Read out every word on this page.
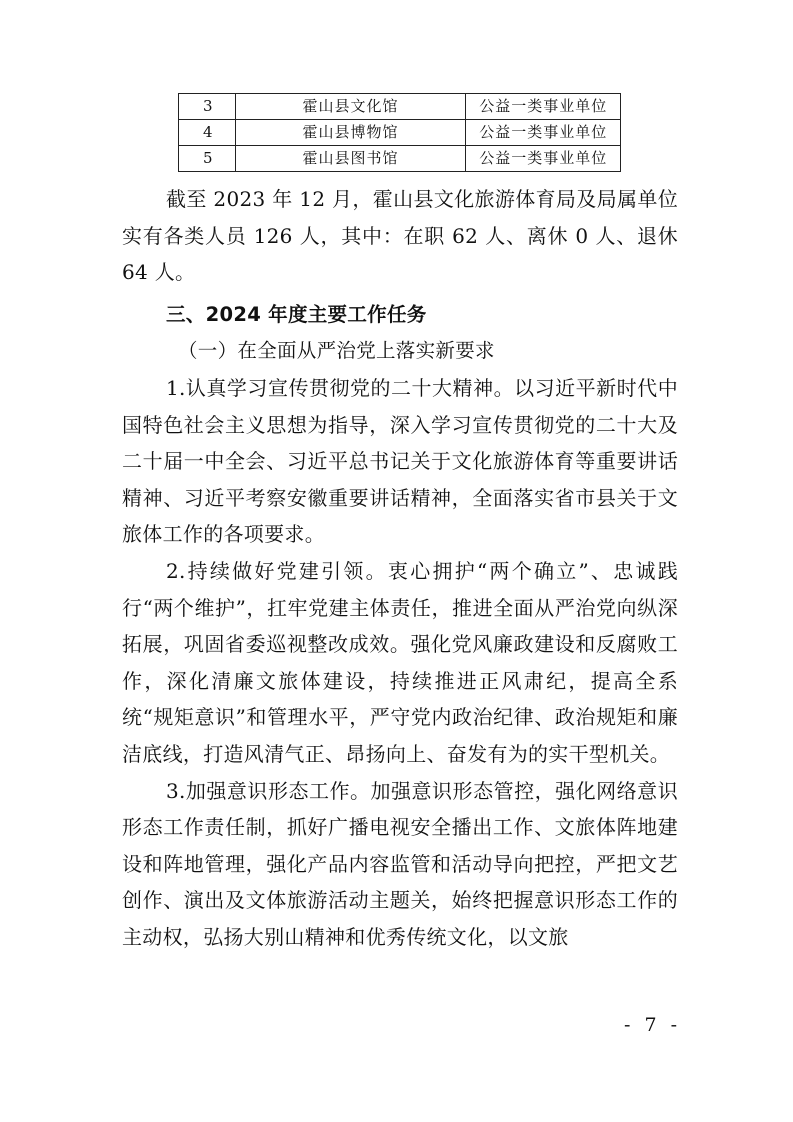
3	霍山县文化馆	公益一类事业单位
4	霍山县博物馆	公益一类事业单位
5	霍山县图书馆	公益一类事业单位

截至 2023 年 12 月，霍山县文化旅游体育局及局属单位实有各类人员 126 人，其中：在职 62 人、离休 0 人、退休 64 人。

三、2024 年度主要工作任务

（一）在全面从严治党上落实新要求

1.认真学习宣传贯彻党的二十大精神。以习近平新时代中国特色社会主义思想为指导，深入学习宣传贯彻党的二十大及二十届一中全会、习近平总书记关于文化旅游体育等重要讲话精神、习近平考察安徽重要讲话精神，全面落实省市县关于文旅体工作的各项要求。

2.持续做好党建引领。衷心拥护“两个确立”、忠诚践行“两个维护”，扛牢党建主体责任，推进全面从严治党向纵深拓展，巩固省委巡视整改成效。强化党风廉政建设和反腐败工作，深化清廉文旅体建设，持续推进正风肃纪，提高全系统“规矩意识”和管理水平，严守党内政治纪律、政治规矩和廉洁底线，打造风清气正、昂扬向上、奋发有为的实干型机关。

3.加强意识形态工作。加强意识形态管控，强化网络意识形态工作责任制，抓好广播电视安全播出工作、文旅体阵地建设和阵地管理，强化产品内容监管和活动导向把控，严把文艺创作、演出及文体旅游活动主题关，始终把握意识形态工作的主动权，弘扬大别山精神和优秀传统文化，以文旅

- 7 -
